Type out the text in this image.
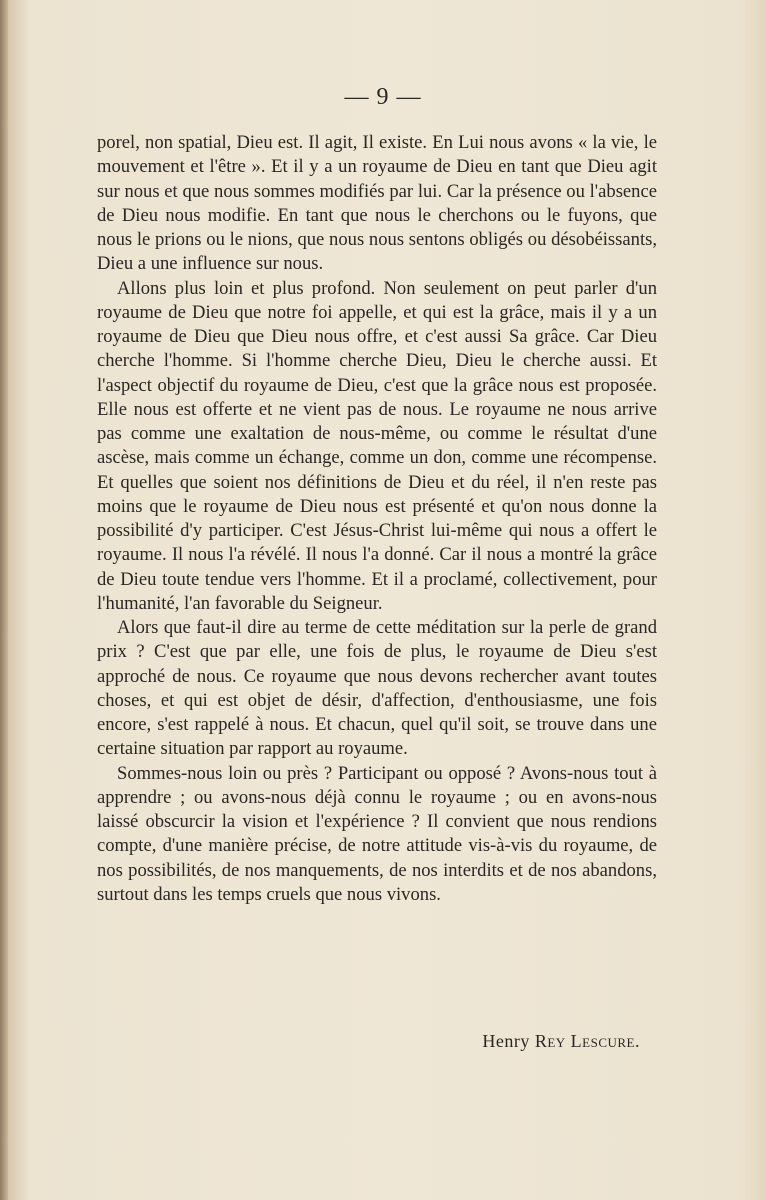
— 9 —

porel, non spatial, Dieu est. Il agit, Il existe. En Lui nous avons « la vie, le mouvement et l'être ». Et il y a un royaume de Dieu en tant que Dieu agit sur nous et que nous sommes modifiés par lui. Car la présence ou l'absence de Dieu nous modifie. En tant que nous le cherchons ou le fuyons, que nous le prions ou le nions, que nous nous sentons obligés ou désobéissants, Dieu a une influence sur nous.

Allons plus loin et plus profond. Non seulement on peut parler d'un royaume de Dieu que notre foi appelle, et qui est la grâce, mais il y a un royaume de Dieu que Dieu nous offre, et c'est aussi Sa grâce. Car Dieu cherche l'homme. Si l'homme cherche Dieu, Dieu le cherche aussi. Et l'aspect objectif du royaume de Dieu, c'est que la grâce nous est proposée. Elle nous est offerte et ne vient pas de nous. Le royaume ne nous arrive pas comme une exaltation de nous-même, ou comme le résultat d'une ascèse, mais comme un échange, comme un don, comme une récompense. Et quelles que soient nos définitions de Dieu et du réel, il n'en reste pas moins que le royaume de Dieu nous est présenté et qu'on nous donne la possibilité d'y participer. C'est Jésus-Christ lui-même qui nous a offert le royaume. Il nous l'a révélé. Il nous l'a donné. Car il nous a montré la grâce de Dieu toute tendue vers l'homme. Et il a proclamé, collectivement, pour l'humanité, l'an favorable du Seigneur.

Alors que faut-il dire au terme de cette méditation sur la perle de grand prix ? C'est que par elle, une fois de plus, le royaume de Dieu s'est approché de nous. Ce royaume que nous devons rechercher avant toutes choses, et qui est objet de désir, d'affection, d'enthousiasme, une fois encore, s'est rappelé à nous. Et chacun, quel qu'il soit, se trouve dans une certaine situation par rapport au royaume.

Sommes-nous loin ou près ? Participant ou opposé ? Avons-nous tout à apprendre ; ou avons-nous déjà connu le royaume ; ou en avons-nous laissé obscurcir la vision et l'expérience ? Il convient que nous rendions compte, d'une manière précise, de notre attitude vis-à-vis du royaume, de nos possibilités, de nos manquements, de nos interdits et de nos abandons, surtout dans les temps cruels que nous vivons.

Henry Rey Lescure.
